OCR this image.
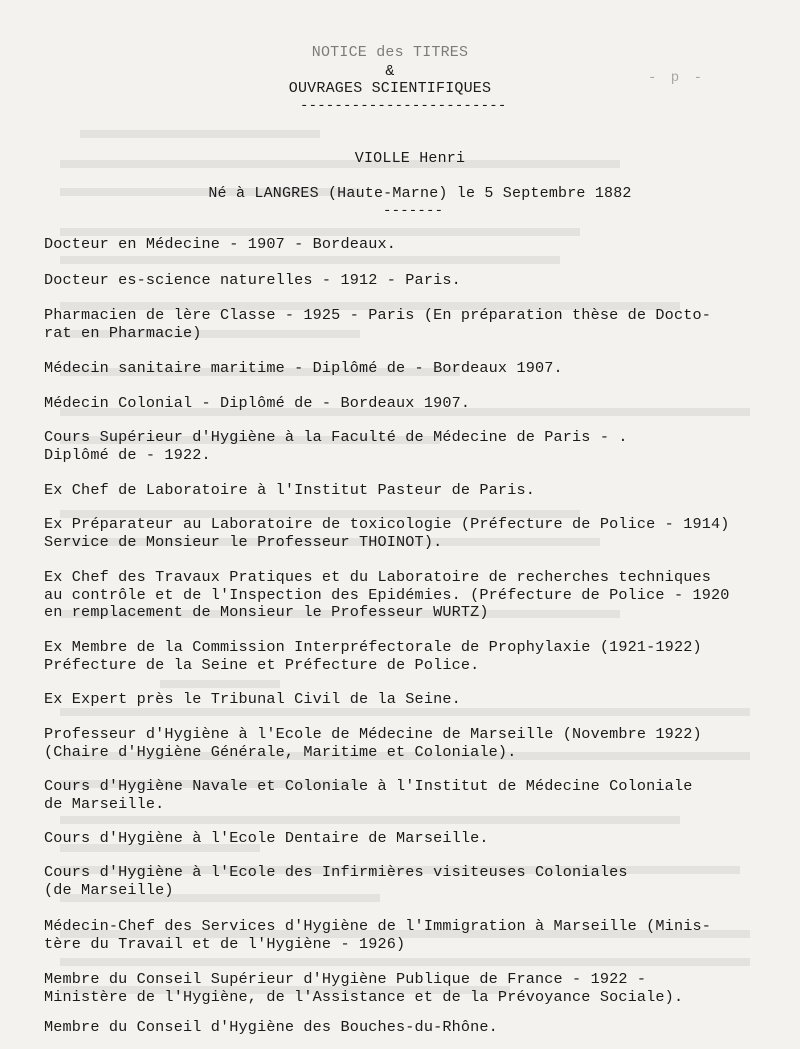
- p -
NOTICE des TITRES
&
OUVRAGES SCIENTIFIQUES
------------------------
VIOLLE Henri
Né à LANGRES (Haute-Marne) le 5 Septembre 1882
-------
Docteur en Médecine - 1907 - Bordeaux.
Docteur es-science naturelles - 1912 - Paris.
Pharmacien de lère Classe - 1925 - Paris (En préparation thèse de Docto-
rat en Pharmacie)
Médecin sanitaire maritime - Diplômé de - Bordeaux 1907.
Médecin Colonial - Diplômé de - Bordeaux 1907.
Cours Supérieur d'Hygiène à la Faculté de Médecine de Paris - .
Diplômé de - 1922.
Ex Chef de Laboratoire à l'Institut Pasteur de Paris.
Ex Préparateur au Laboratoire de toxicologie (Préfecture de Police - 1914)
Service de Monsieur le Professeur THOINOT).
Ex Chef des Travaux Pratiques et du Laboratoire de recherches techniques
au contrôle et de l'Inspection des Epidémies. (Préfecture de Police - 1920
en remplacement de Monsieur le Professeur WURTZ)
Ex Membre de la Commission Interpréfectorale de Prophylaxie (1921-1922)
Préfecture de la Seine et Préfecture de Police.
Ex Expert près le Tribunal Civil de la Seine.
Professeur d'Hygiène à l'Ecole de Médecine de Marseille (Novembre 1922)
(Chaire d'Hygiène Générale, Maritime et Coloniale).
Cours d'Hygiène Navale et Coloniale à l'Institut de Médecine Coloniale
de Marseille.
Cours d'Hygiène à l'Ecole Dentaire de Marseille.
Cours d'Hygiène à l'Ecole des Infirmières visiteuses Coloniales
(de Marseille)
Médecin-Chef des Services d'Hygiène de l'Immigration à Marseille (Minis-
tère du Travail et de l'Hygiène - 1926)
Membre du Conseil Supérieur d'Hygiène Publique de France - 1922 -
Ministère de l'Hygiène, de l'Assistance et de la Prévoyance Sociale).
Membre du Conseil d'Hygiène des Bouches-du-Rhône.
